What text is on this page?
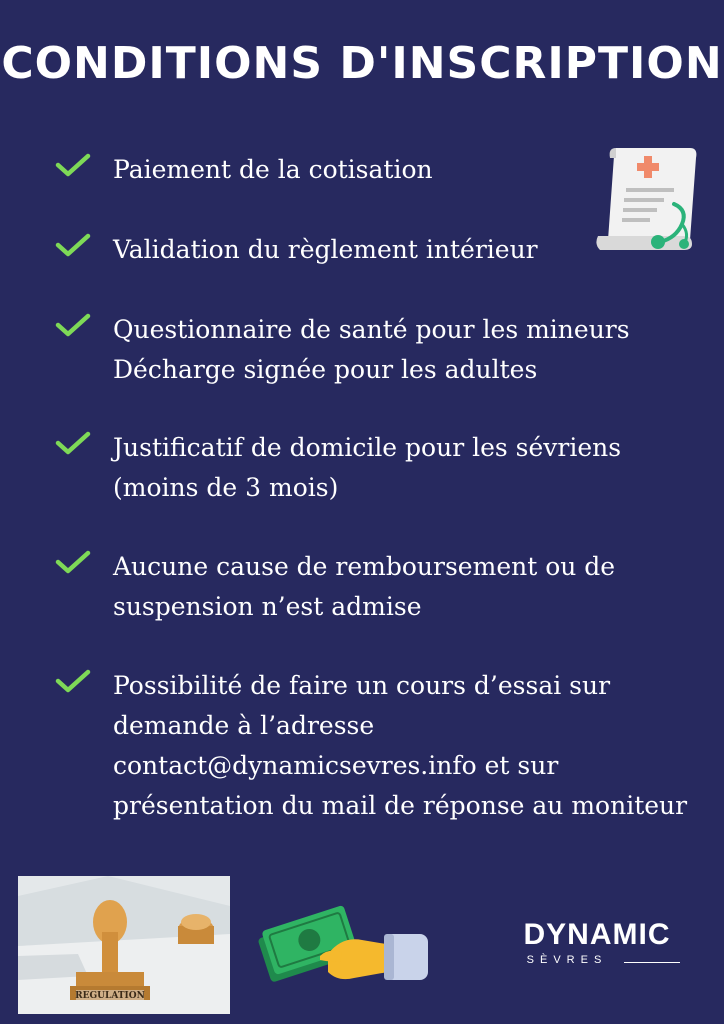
CONDITIONS D'INSCRIPTION
Paiement de la cotisation
Validation du règlement intérieur
Questionnaire de santé pour les mineurs
Décharge signée pour les adultes
Justificatif de domicile pour les sévriens
(moins de 3 mois)
Aucune cause de remboursement ou de
suspension n’est admise
Possibilité de faire un cours d’essai sur
demande à l’adresse
contact@dynamicsevres.info et sur
présentation du mail de réponse au moniteur
REGULATION
DYNAMIC
SÈVRES
